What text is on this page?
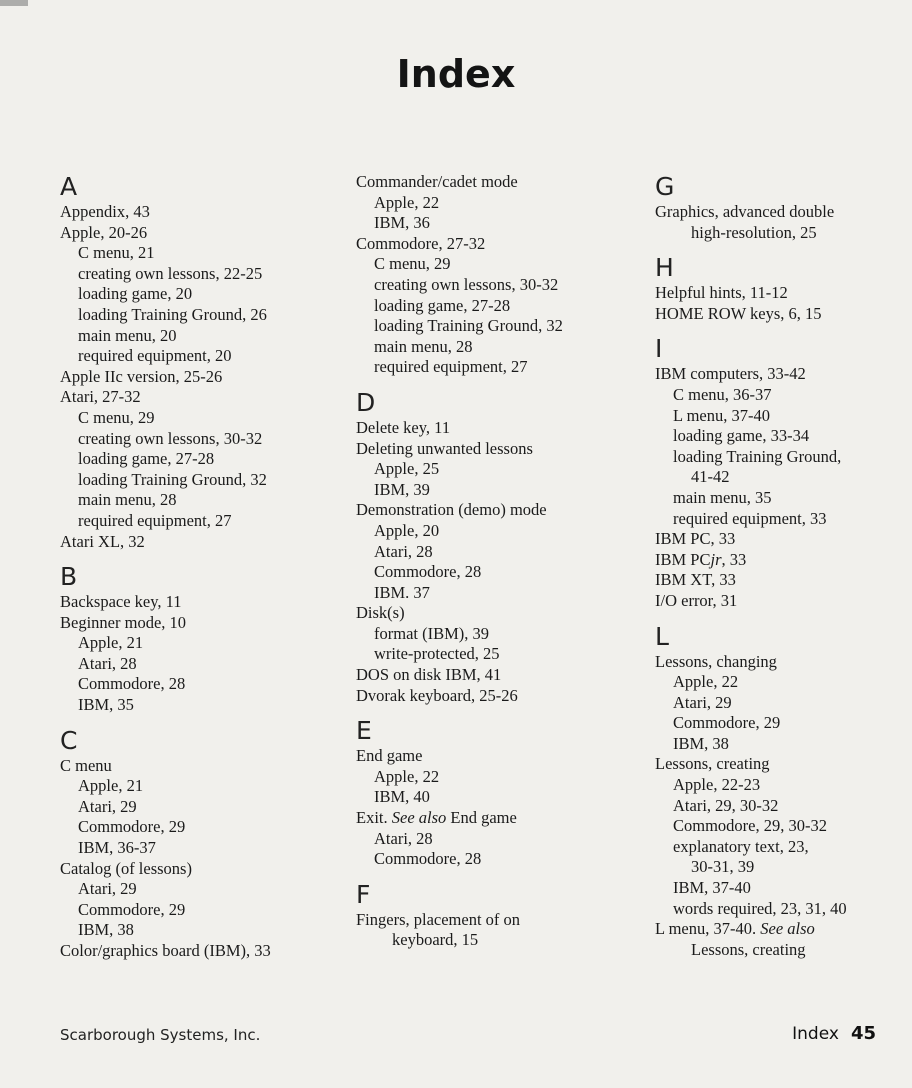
Index
A
Appendix, 43
Apple, 20-26
C menu, 21
creating own lessons, 22-25
loading game, 20
loading Training Ground, 26
main menu, 20
required equipment, 20
Apple IIc version, 25-26
Atari, 27-32
C menu, 29
creating own lessons, 30-32
loading game, 27-28
loading Training Ground, 32
main menu, 28
required equipment, 27
Atari XL, 32
B
Backspace key, 11
Beginner mode, 10
Apple, 21
Atari, 28
Commodore, 28
IBM, 35
C
C menu
Apple, 21
Atari, 29
Commodore, 29
IBM, 36-37
Catalog (of lessons)
Atari, 29
Commodore, 29
IBM, 38
Color/graphics board (IBM), 33
Commander/cadet mode
Apple, 22
IBM, 36
Commodore, 27-32
C menu, 29
creating own lessons, 30-32
loading game, 27-28
loading Training Ground, 32
main menu, 28
required equipment, 27
D
Delete key, 11
Deleting unwanted lessons
Apple, 25
IBM, 39
Demonstration (demo) mode
Apple, 20
Atari, 28
Commodore, 28
IBM. 37
Disk(s)
format (IBM), 39
write-protected, 25
DOS on disk IBM, 41
Dvorak keyboard, 25-26
E
End game
Apple, 22
IBM, 40
Exit. See also End game
Atari, 28
Commodore, 28
F
Fingers, placement of on
keyboard, 15
G
Graphics, advanced double
high-resolution, 25
H
Helpful hints, 11-12
HOME ROW keys, 6, 15
I
IBM computers, 33-42
C menu, 36-37
L menu, 37-40
loading game, 33-34
loading Training Ground,
41-42
main menu, 35
required equipment, 33
IBM PC, 33
IBM PCjr, 33
IBM XT, 33
I/O error, 31
L
Lessons, changing
Apple, 22
Atari, 29
Commodore, 29
IBM, 38
Lessons, creating
Apple, 22-23
Atari, 29, 30-32
Commodore, 29, 30-32
explanatory text, 23,
30-31, 39
IBM, 37-40
words required, 23, 31, 40
L menu, 37-40. See also
Lessons, creating
Scarborough Systems, Inc.	Index 45
